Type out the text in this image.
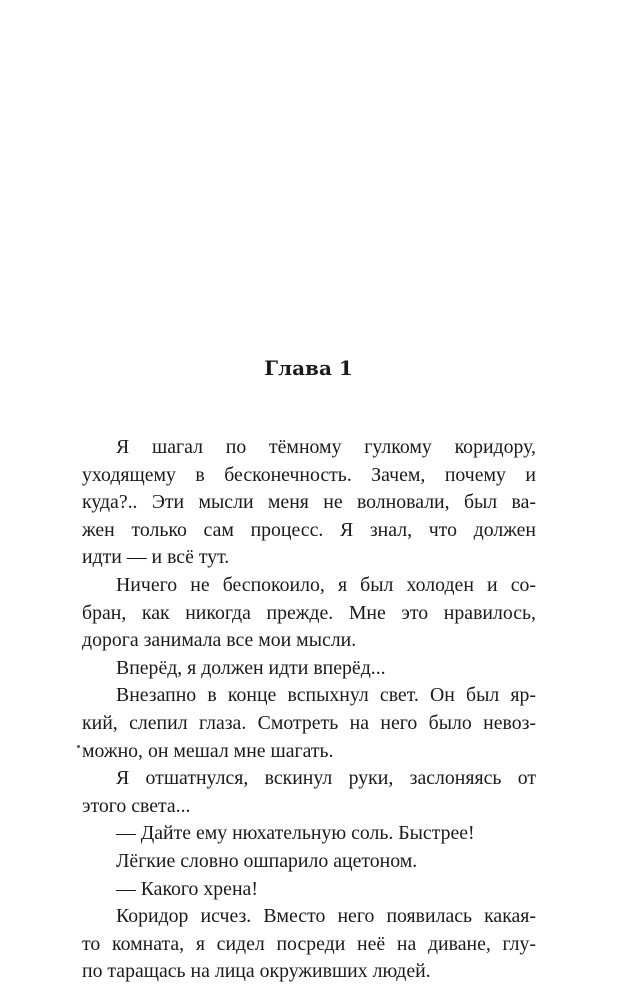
Глава 1
Я шагал по тёмному гулкому коридору,
уходящему в бесконечность. Зачем, почему и
куда?.. Эти мысли меня не волновали, был ва-
жен только сам процесс. Я знал, что должен
идти — и всё тут.
Ничего не беспокоило, я был холоден и со-
бран, как никогда прежде. Мне это нравилось,
дорога занимала все мои мысли.
Вперёд, я должен идти вперёд...
Внезапно в конце вспыхнул свет. Он был яр-
кий, слепил глаза. Смотреть на него было невоз-
можно, он мешал мне шагать.
Я отшатнулся, вскинул руки, заслоняясь от
этого света...
— Дайте ему нюхательную соль. Быстрее!
Лёгкие словно ошпарило ацетоном.
— Какого хрена!
Коридор исчез. Вместо него появилась какая-
то комната, я сидел посреди неё на диване, глу-
по таращась на лица окруживших людей.
